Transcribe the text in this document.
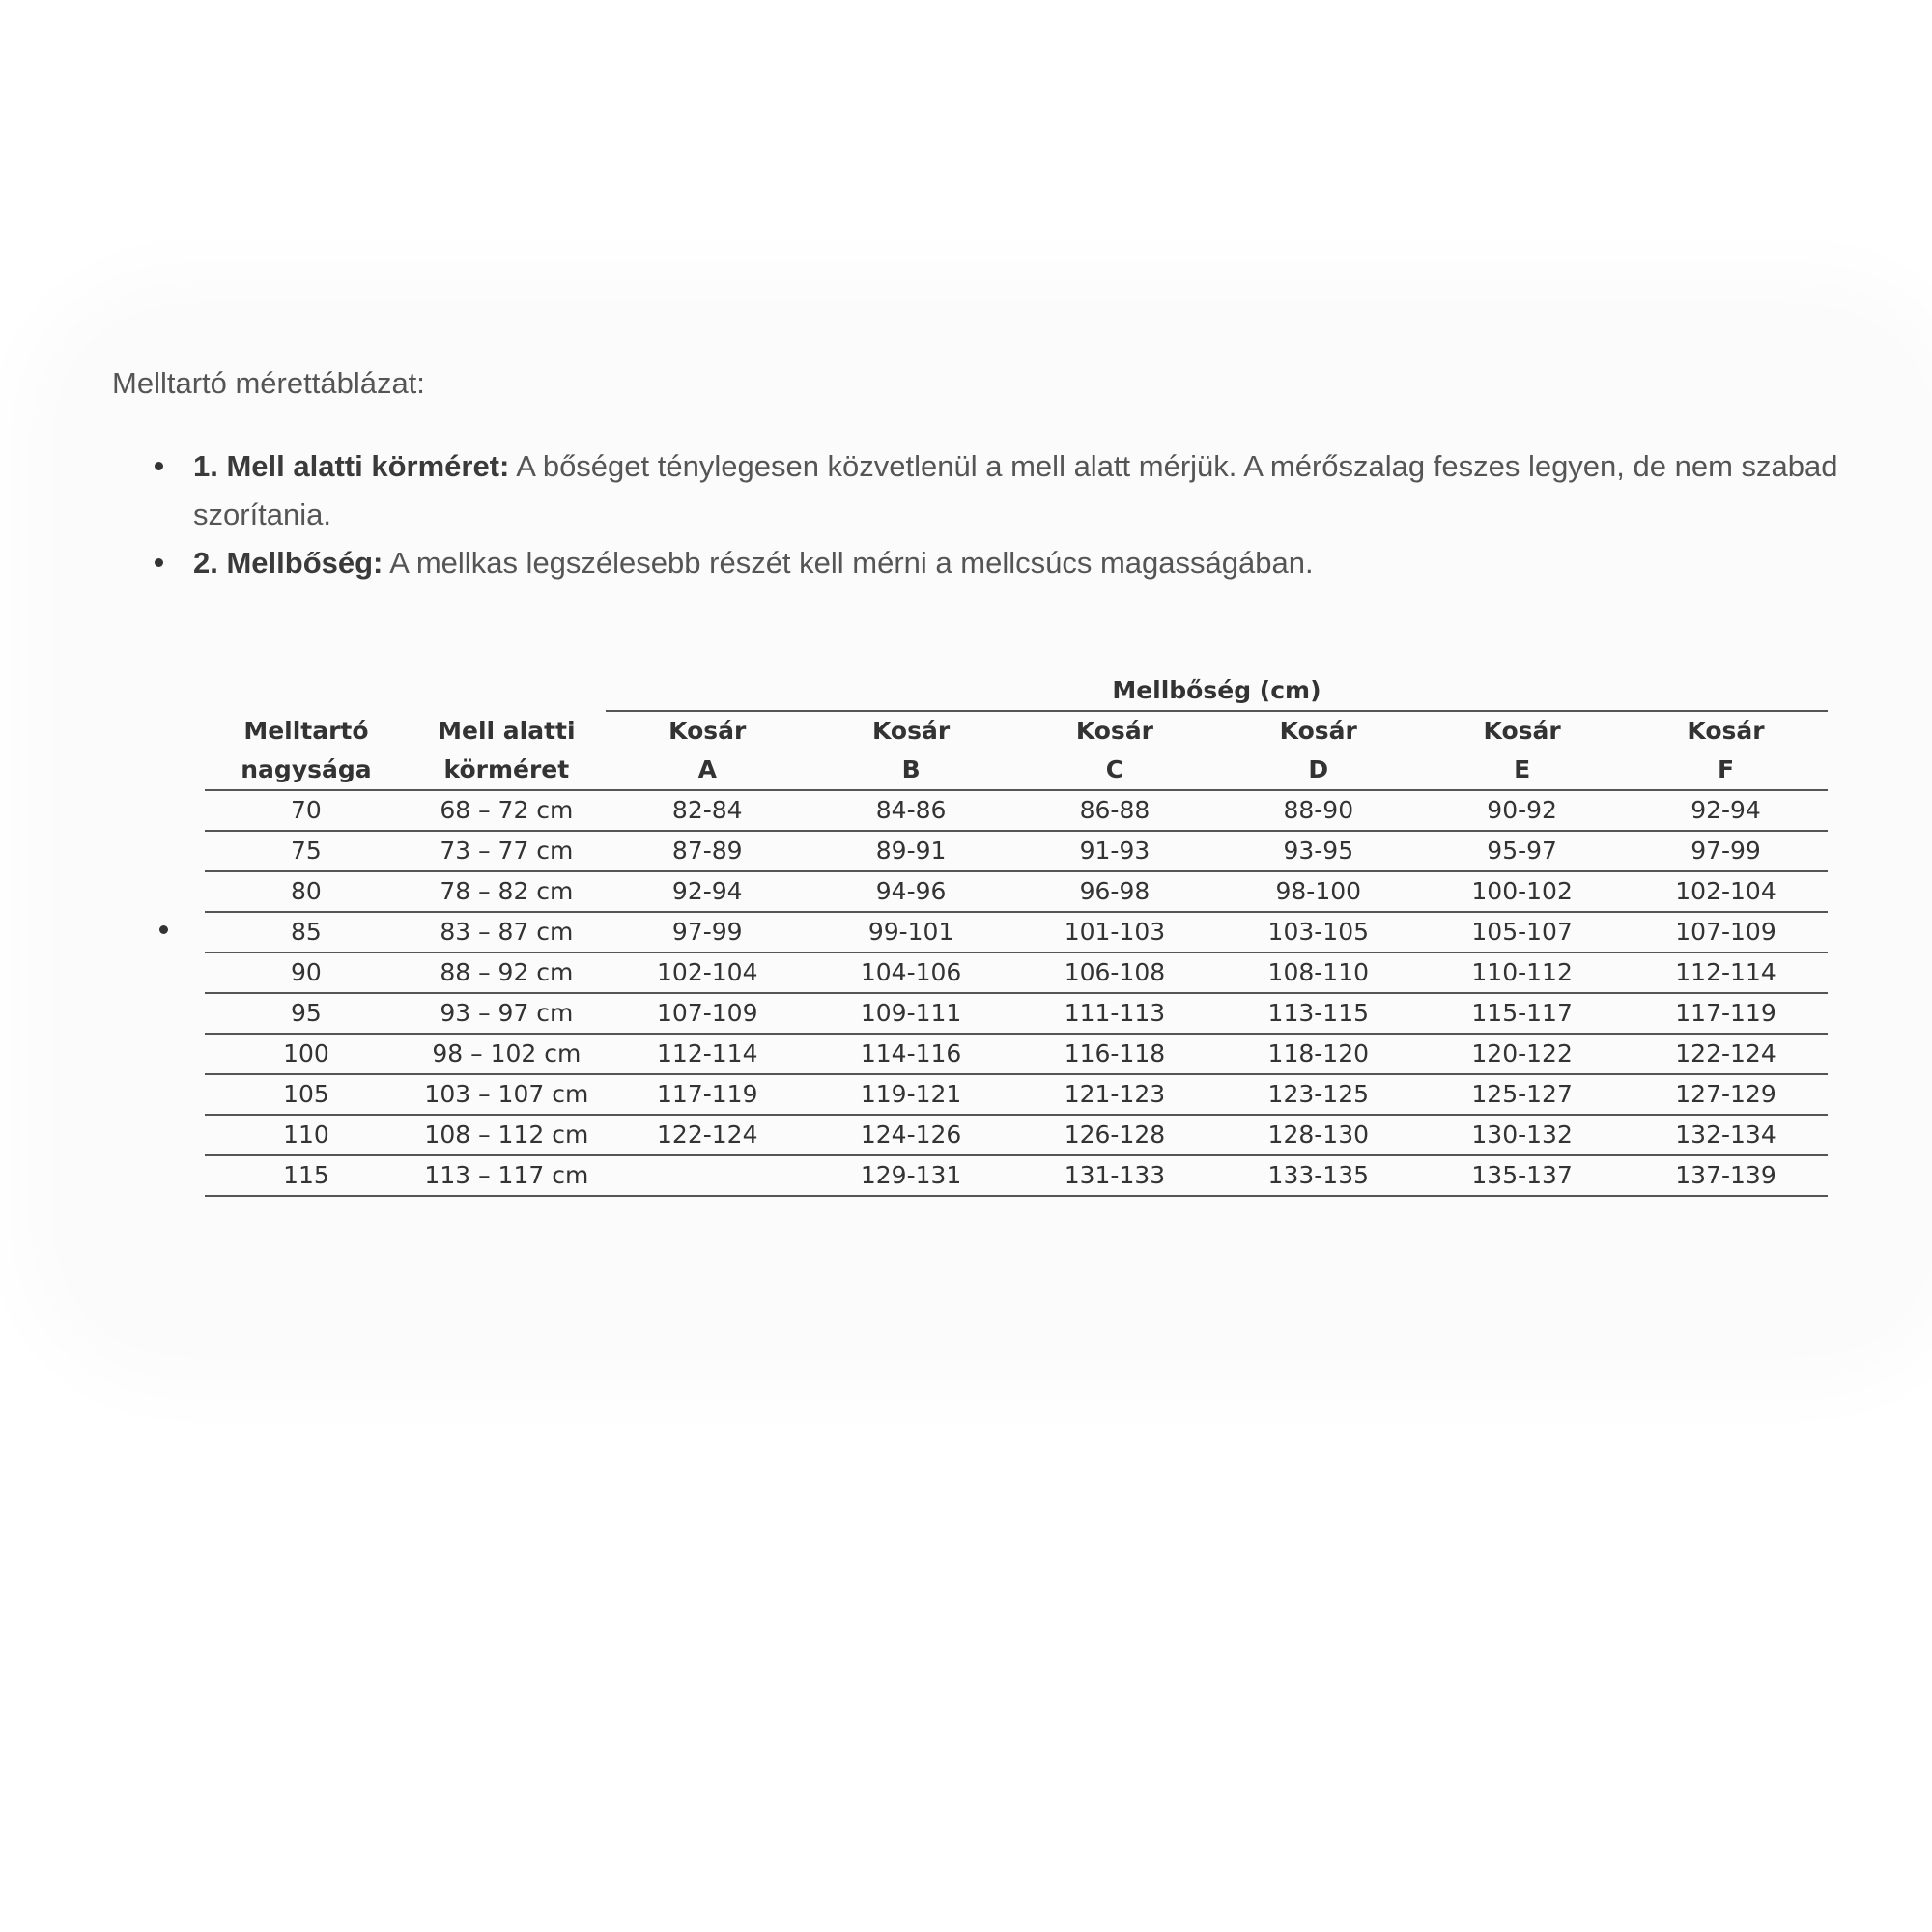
Melltartó mérettáblázat:

1. Mell alatti körméret: A bőséget ténylegesen közvetlenül a mell alatt mérjük. A mérőszalag feszes legyen, de nem szabad szorítania.
2. Mellbőség: A mellkas legszélesebb részét kell mérni a mellcsúcs magasságában.
		Mellbőség (cm)					
Melltartó	Mell alatti	Kosár	Kosár	Kosár	Kosár	Kosár	Kosár
nagysága	körméret	A	B	C	D	E	F
70	68 – 72 cm	82-84	84-86	86-88	88-90	90-92	92-94
75	73 – 77 cm	87-89	89-91	91-93	93-95	95-97	97-99
80	78 – 82 cm	92-94	94-96	96-98	98-100	100-102	102-104
85	83 – 87 cm	97-99	99-101	101-103	103-105	105-107	107-109
90	88 – 92 cm	102-104	104-106	106-108	108-110	110-112	112-114
95	93 – 97 cm	107-109	109-111	111-113	113-115	115-117	117-119
100	98 – 102 cm	112-114	114-116	116-118	118-120	120-122	122-124
105	103 – 107 cm	117-119	119-121	121-123	123-125	125-127	127-129
110	108 – 112 cm	122-124	124-126	126-128	128-130	130-132	132-134
115	113 – 117 cm		129-131	131-133	133-135	135-137	137-139
